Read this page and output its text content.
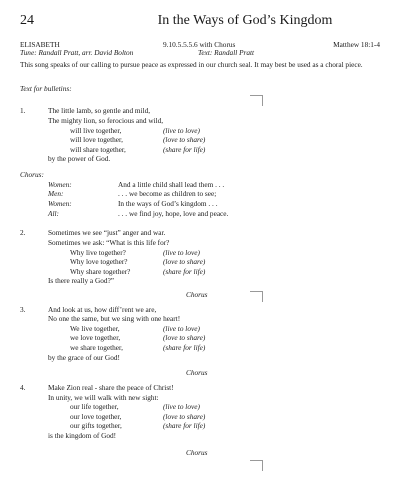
24	In the Ways of God’s Kingdom
ELISABETH
Tune: Randall Pratt, arr. David Bolton
9.10.5.5.5.6 with Chorus
Text: Randall Pratt
Matthew 18:1-4
This song speaks of our calling to pursue peace as expressed in our church seal. It may best be used as a choral piece.
Text for bulletins:
1.	The little lamb, so gentle and mild,
The mighty lion, so ferocious and wild,
will live together,	(live to love)
will love together,	(love to share)
will share together,	(share for life)
by the power of God.
Chorus:
Women:	And a little child shall lead them . . .
Men:	. . . we become as children to see;
Women:	In the ways of God’s kingdom . . .
All:	. . . we find joy, hope, love and peace.
2.	Sometimes we see “just” anger and war.
Sometimes we ask: “What is this life for?
Why live together?	(live to love)
Why love together?	(love to share)
Why share together?	(share for life)
Is there really a God?”
Chorus
3.	And look at us, how diff’rent we are,
No one the same, but we sing with one heart!
We live together,	(live to love)
we love together,	(love to share)
we share together,	(share for life)
by the grace of our God!
Chorus
4.	Make Zion real - share the peace of Christ!
In unity, we will walk with new sight:
our life together,	(live to love)
our love together,	(love to share)
our gifts together,	(share for life)
is the kingdom of God!
Chorus
